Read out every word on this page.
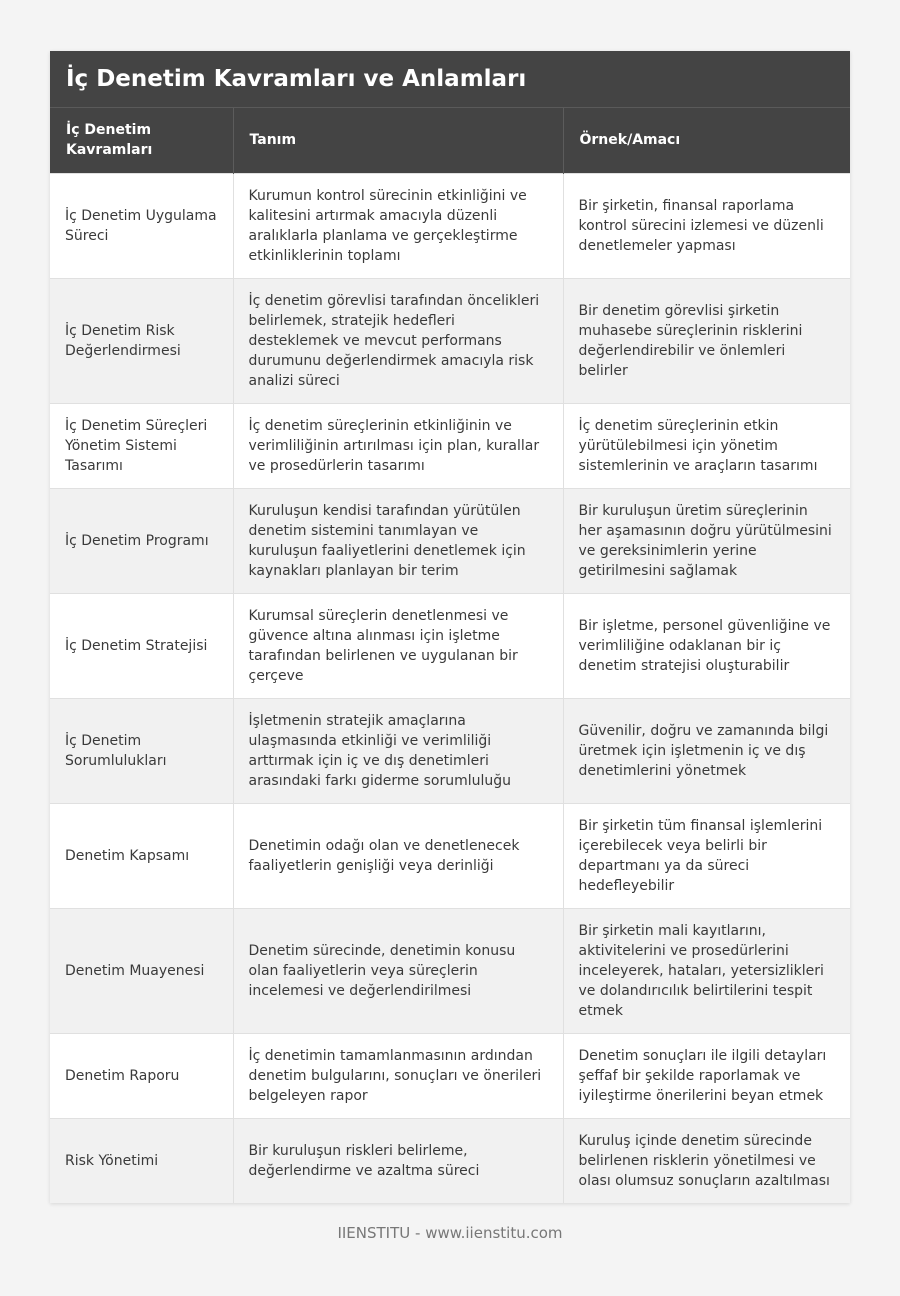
İç Denetim Kavramları ve Anlamları
İç Denetim Kavramları	Tanım	Örnek/Amacı
İç Denetim Uygulama Süreci	Kurumun kontrol sürecinin etkinliğini ve kalitesini artırmak amacıyla düzenli aralıklarla planlama ve gerçekleştirme etkinliklerinin toplamı	Bir şirketin, finansal raporlama kontrol sürecini izlemesi ve düzenli denetlemeler yapması
İç Denetim Risk Değerlendirmesi	İç denetim görevlisi tarafından öncelikleri belirlemek, stratejik hedefleri desteklemek ve mevcut performans durumunu değerlendirmek amacıyla risk analizi süreci	Bir denetim görevlisi şirketin muhasebe süreçlerinin risklerini değerlendirebilir ve önlemleri belirler
İç Denetim Süreçleri Yönetim Sistemi Tasarımı	İç denetim süreçlerinin etkinliğinin ve verimliliğinin artırılması için plan, kurallar ve prosedürlerin tasarımı	İç denetim süreçlerinin etkin yürütülebilmesi için yönetim sistemlerinin ve araçların tasarımı
İç Denetim Programı	Kuruluşun kendisi tarafından yürütülen denetim sistemini tanımlayan ve kuruluşun faaliyetlerini denetlemek için kaynakları planlayan bir terim	Bir kuruluşun üretim süreçlerinin her aşamasının doğru yürütülmesini ve gereksinimlerin yerine getirilmesini sağlamak
İç Denetim Stratejisi	Kurumsal süreçlerin denetlenmesi ve güvence altına alınması için işletme tarafından belirlenen ve uygulanan bir çerçeve	Bir işletme, personel güvenliğine ve verimliliğine odaklanan bir iç denetim stratejisi oluşturabilir
İç Denetim Sorumlulukları	İşletmenin stratejik amaçlarına ulaşmasında etkinliği ve verimliliği arttırmak için iç ve dış denetimleri arasındaki farkı giderme sorumluluğu	Güvenilir, doğru ve zamanında bilgi üretmek için işletmenin iç ve dış denetimlerini yönetmek
Denetim Kapsamı	Denetimin odağı olan ve denetlenecek faaliyetlerin genişliği veya derinliği	Bir şirketin tüm finansal işlemlerini içerebilecek veya belirli bir departmanı ya da süreci hedefleyebilir
Denetim Muayenesi	Denetim sürecinde, denetimin konusu olan faaliyetlerin veya süreçlerin incelemesi ve değerlendirilmesi	Bir şirketin mali kayıtlarını, aktivitelerini ve prosedürlerini inceleyerek, hataları, yetersizlikleri ve dolandırıcılık belirtilerini tespit etmek
Denetim Raporu	İç denetimin tamamlanmasının ardından denetim bulgularını, sonuçları ve önerileri belgeleyen rapor	Denetim sonuçları ile ilgili detayları şeffaf bir şekilde raporlamak ve iyileştirme önerilerini beyan etmek
Risk Yönetimi	Bir kuruluşun riskleri belirleme, değerlendirme ve azaltma süreci	Kuruluş içinde denetim sürecinde belirlenen risklerin yönetilmesi ve olası olumsuz sonuçların azaltılması
IIENSTITU - www.iienstitu.com
